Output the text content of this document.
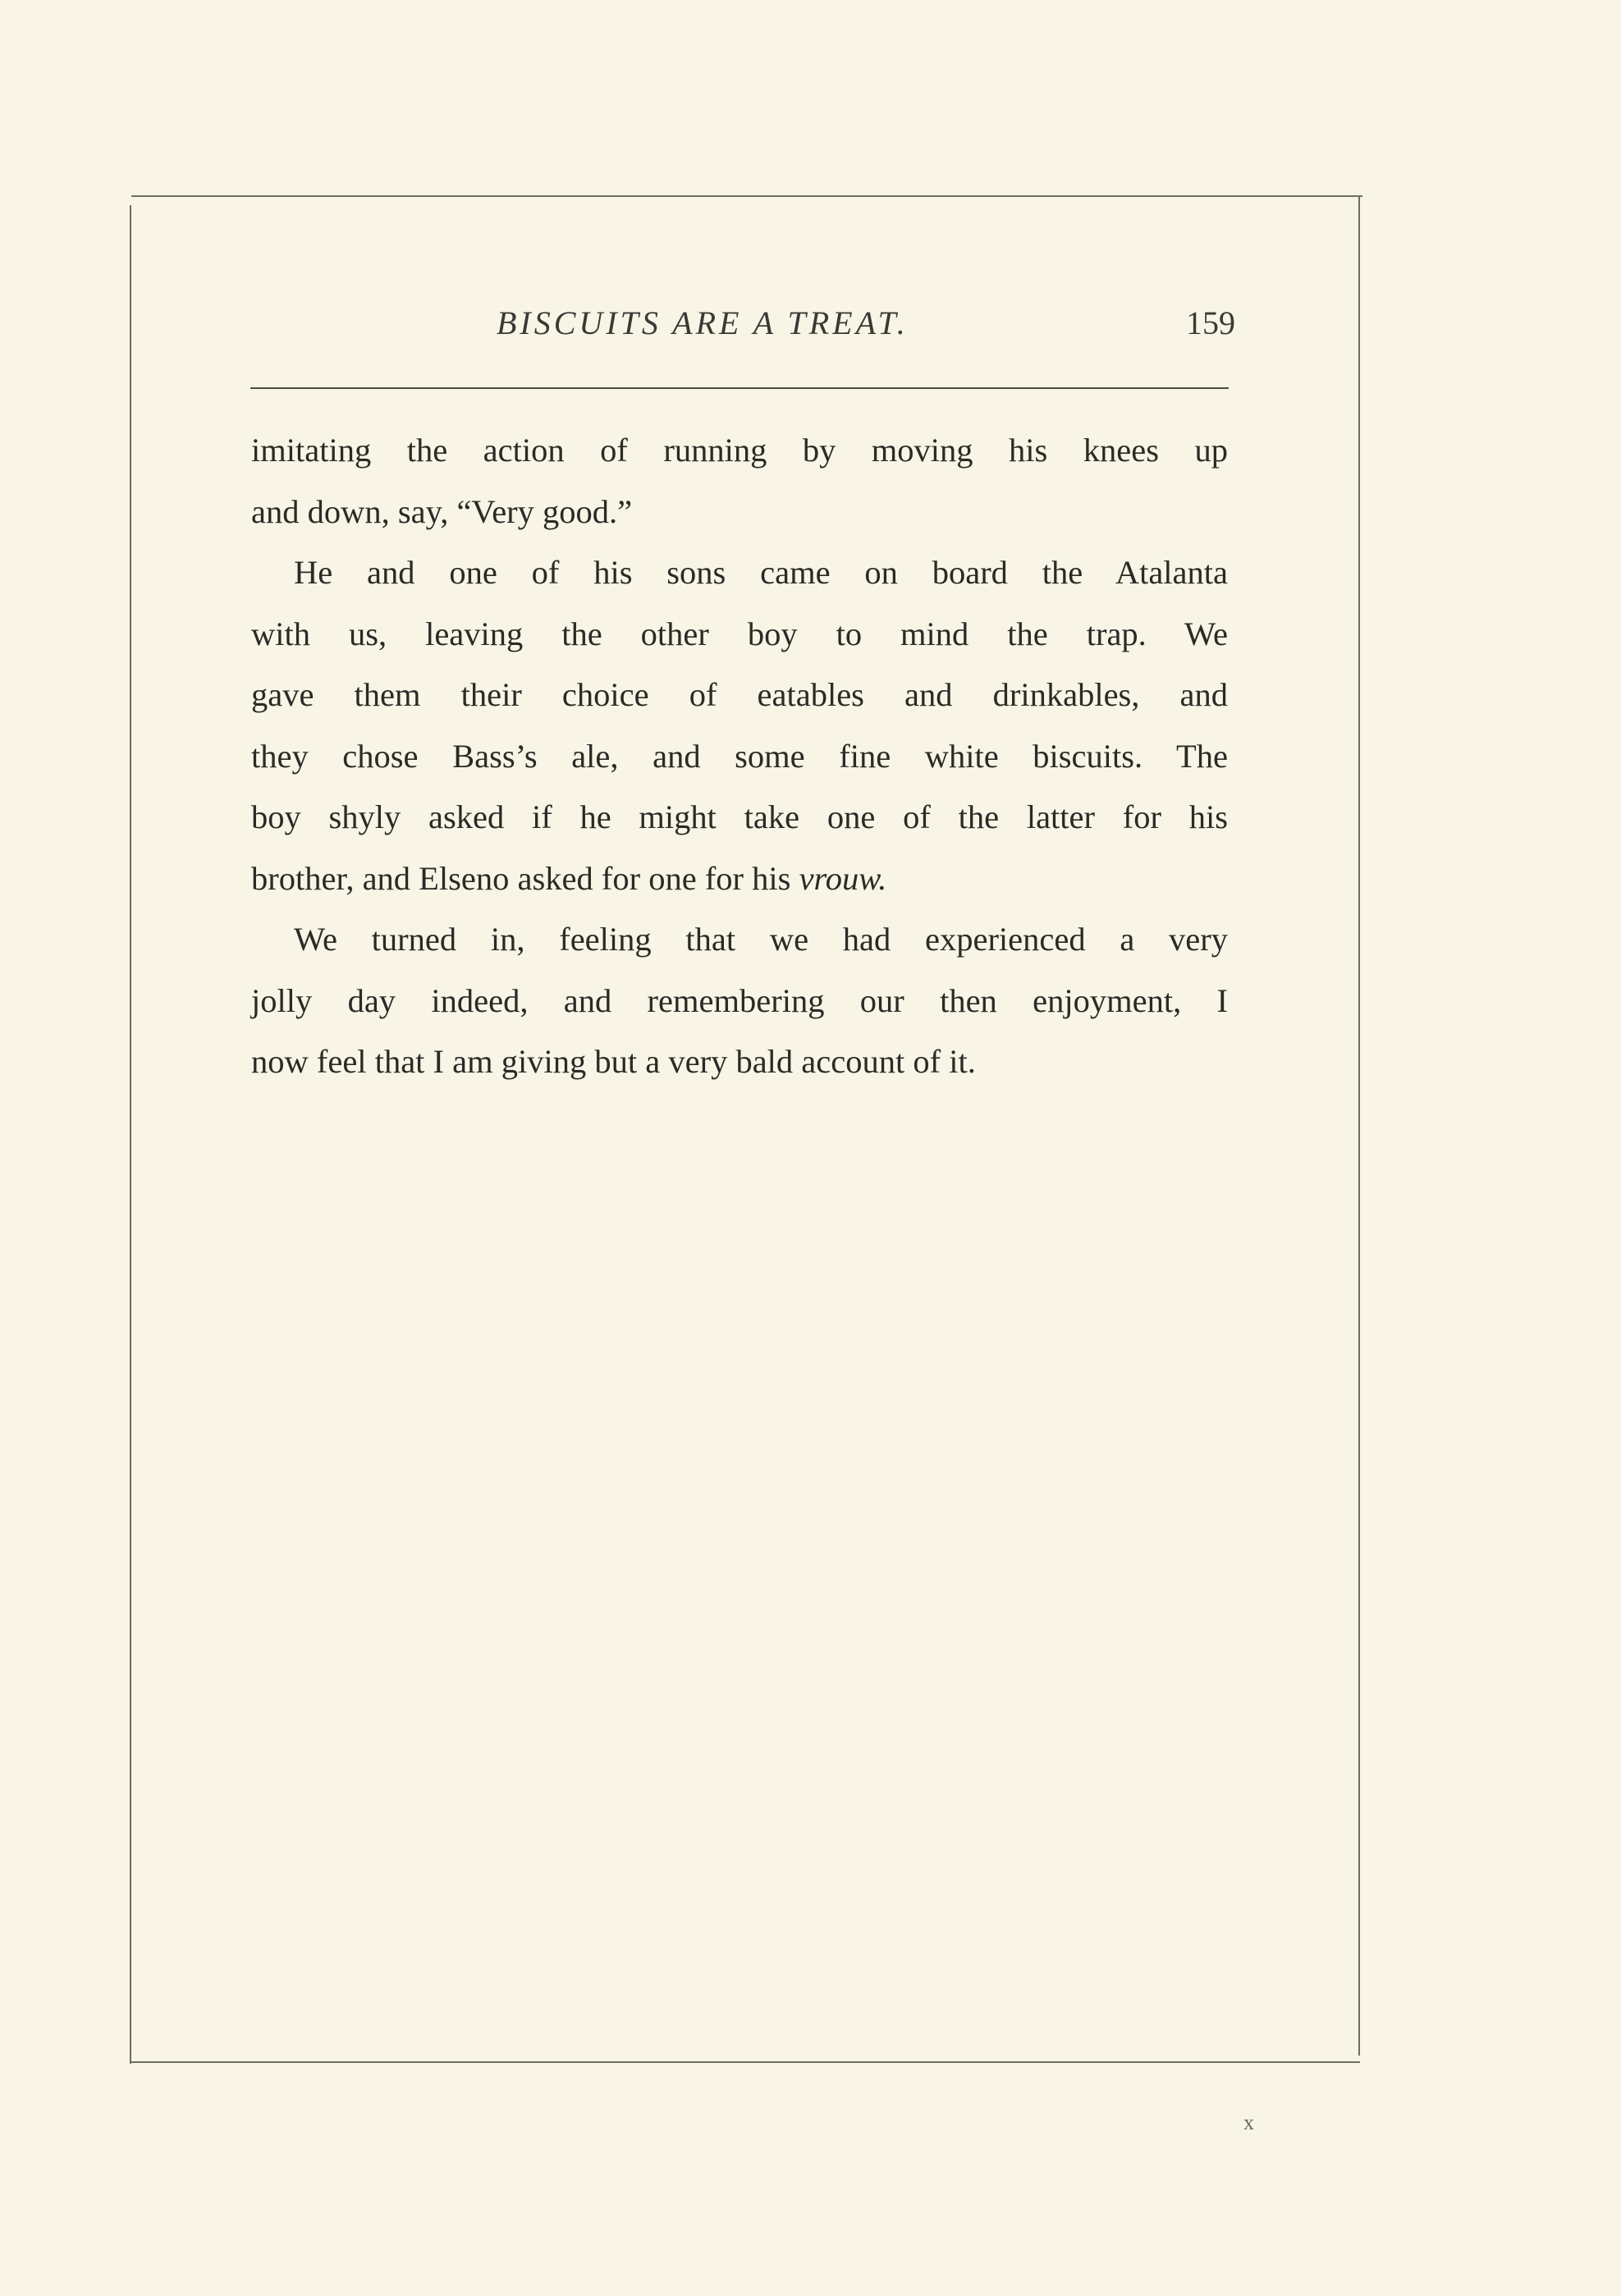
BISCUITS ARE A TREAT.	159
imitating the action of running by moving his knees up
and down, say, “Very good.”
He and one of his sons came on board the Atalanta
with us, leaving the other boy to mind the trap. We
gave them their choice of eatables and drinkables, and
they chose Bass’s ale, and some fine white biscuits. The
boy shyly asked if he might take one of the latter for his
brother, and Elseno asked for one for his vrouw.
We turned in, feeling that we had experienced a very
jolly day indeed, and remembering our then enjoyment, I
now feel that I am giving but a very bald account of it.
x
